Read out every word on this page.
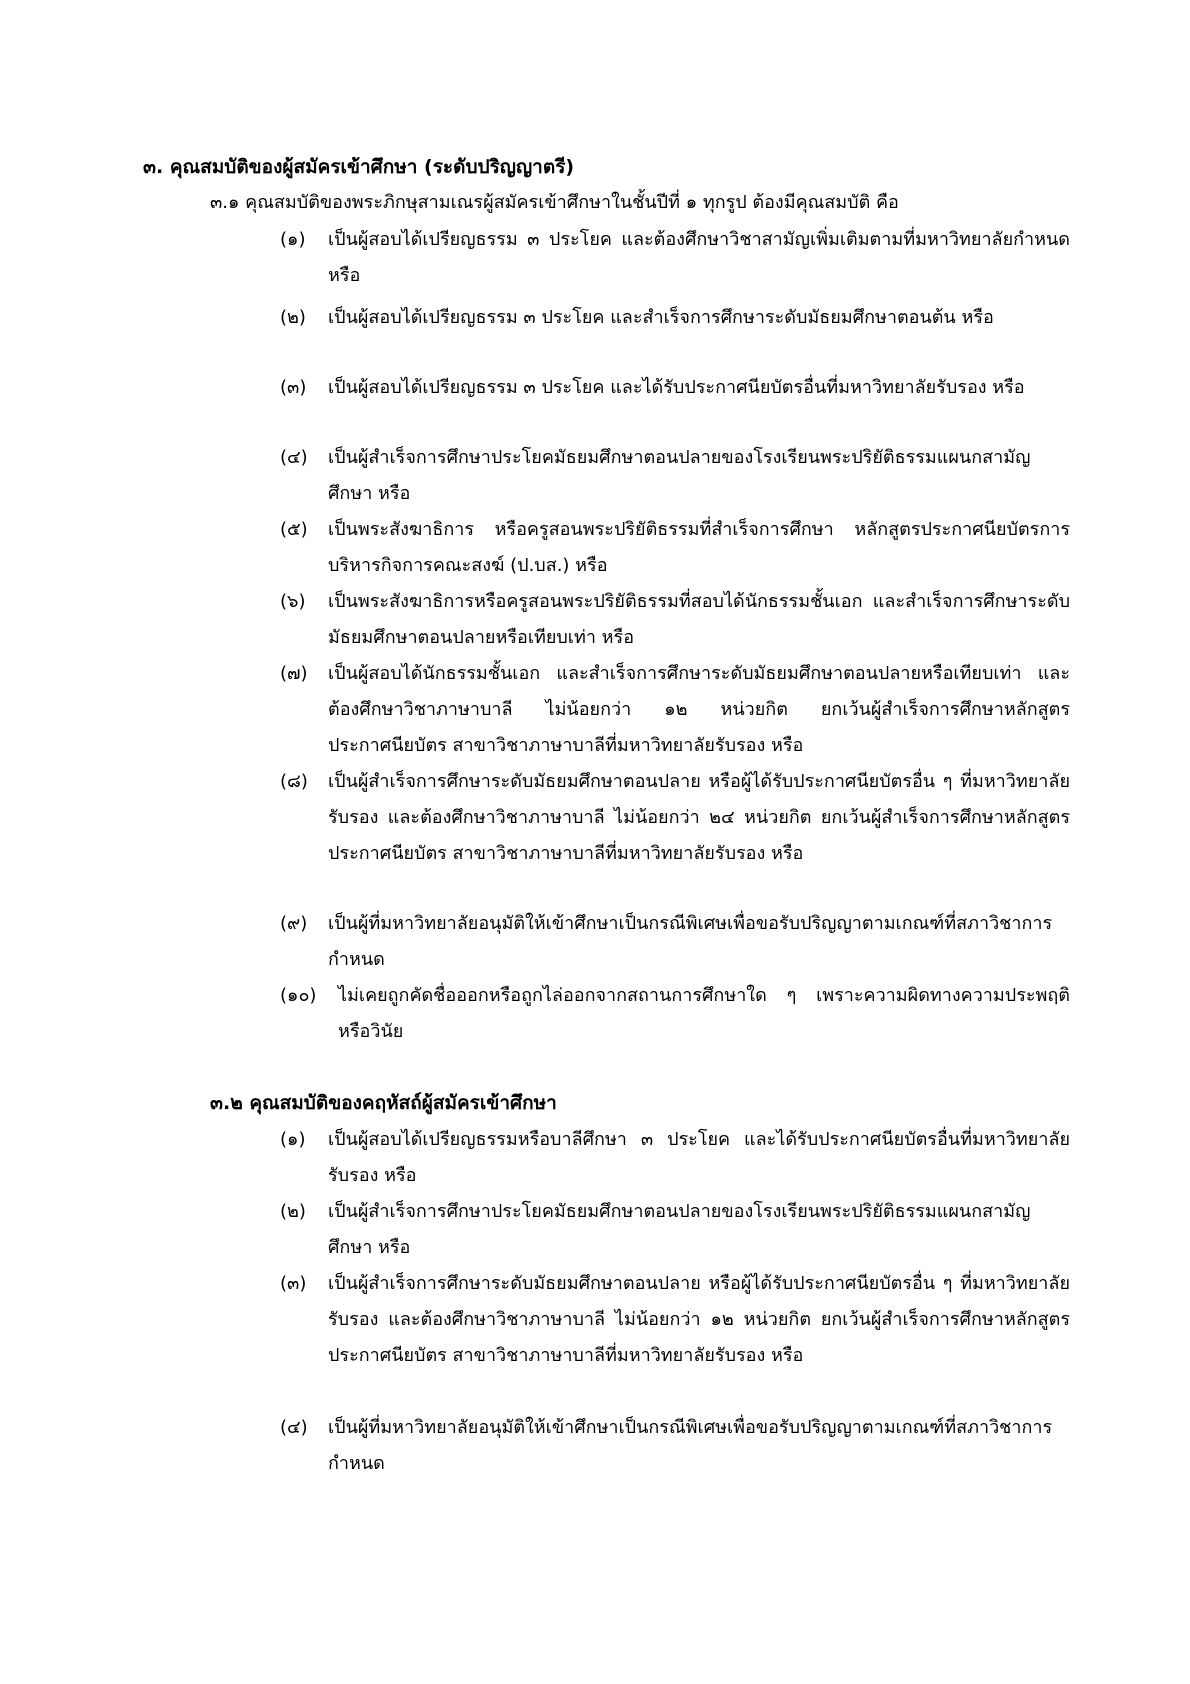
๓. คุณสมบัติของผู้สมัครเข้าศึกษา (ระดับปริญญาตรี)
๓.๑ คุณสมบัติของพระภิกษุสามเณรผู้สมัครเข้าศึกษาในชั้นปีที่ ๑ ทุกรูป ต้องมีคุณสมบัติ คือ
(๑)	เป็นผู้สอบได้เปรียญธรรม ๓ ประโยค และต้องศึกษาวิชาสามัญเพิ่มเติมตามที่มหาวิทยาลัยกำหนด หรือ
(๒)	เป็นผู้สอบได้เปรียญธรรม ๓ ประโยค และสำเร็จการศึกษาระดับมัธยมศึกษาตอนต้น หรือ
(๓)	เป็นผู้สอบได้เปรียญธรรม ๓ ประโยค และได้รับประกาศนียบัตรอื่นที่มหาวิทยาลัยรับรอง หรือ
(๔)	เป็นผู้สำเร็จการศึกษาประโยคมัธยมศึกษาตอนปลายของโรงเรียนพระปริยัติธรรมแผนกสามัญศึกษา หรือ
(๕)	เป็นพระสังฆาธิการ หรือครูสอนพระปริยัติธรรมที่สำเร็จการศึกษา หลักสูตรประกาศนียบัตรการบริหารกิจการคณะสงฆ์ (ป.บส.) หรือ
(๖)	เป็นพระสังฆาธิการหรือครูสอนพระปริยัติธรรมที่สอบได้นักธรรมชั้นเอก และสำเร็จการศึกษาระดับมัธยมศึกษาตอนปลายหรือเทียบเท่า หรือ
(๗)	เป็นผู้สอบได้นักธรรมชั้นเอก และสำเร็จการศึกษาระดับมัธยมศึกษาตอนปลายหรือเทียบเท่า และต้องศึกษาวิชาภาษาบาลี ไม่น้อยกว่า ๑๒ หน่วยกิต ยกเว้นผู้สำเร็จการศึกษาหลักสูตรประกาศนียบัตร สาขาวิชาภาษาบาลีที่มหาวิทยาลัยรับรอง หรือ
(๘)	เป็นผู้สำเร็จการศึกษาระดับมัธยมศึกษาตอนปลาย หรือผู้ได้รับประกาศนียบัตรอื่น ๆ ที่มหาวิทยาลัยรับรอง และต้องศึกษาวิชาภาษาบาลี ไม่น้อยกว่า ๒๔ หน่วยกิต ยกเว้นผู้สำเร็จการศึกษาหลักสูตรประกาศนียบัตร สาขาวิชาภาษาบาลีที่มหาวิทยาลัยรับรอง หรือ
(๙)	เป็นผู้ที่มหาวิทยาลัยอนุมัติให้เข้าศึกษาเป็นกรณีพิเศษเพื่อขอรับปริญญาตามเกณฑ์ที่สภาวิชาการกำหนด
(๑๐)	ไม่เคยถูกคัดชื่อออกหรือถูกไล่ออกจากสถานการศึกษาใด ๆ เพราะความผิดทางความประพฤติ หรือวินัย
๓.๒ คุณสมบัติของคฤหัสถ์ผู้สมัครเข้าศึกษา
(๑)	เป็นผู้สอบได้เปรียญธรรมหรือบาลีศึกษา ๓ ประโยค และได้รับประกาศนียบัตรอื่นที่มหาวิทยาลัยรับรอง หรือ
(๒)	เป็นผู้สำเร็จการศึกษาประโยคมัธยมศึกษาตอนปลายของโรงเรียนพระปริยัติธรรมแผนกสามัญศึกษา หรือ
(๓)	เป็นผู้สำเร็จการศึกษาระดับมัธยมศึกษาตอนปลาย หรือผู้ได้รับประกาศนียบัตรอื่น ๆ ที่มหาวิทยาลัยรับรอง และต้องศึกษาวิชาภาษาบาลี ไม่น้อยกว่า ๑๒ หน่วยกิต ยกเว้นผู้สำเร็จการศึกษาหลักสูตรประกาศนียบัตร สาขาวิชาภาษาบาลีที่มหาวิทยาลัยรับรอง หรือ
(๔)	เป็นผู้ที่มหาวิทยาลัยอนุมัติให้เข้าศึกษาเป็นกรณีพิเศษเพื่อขอรับปริญญาตามเกณฑ์ที่สภาวิชาการกำหนด
